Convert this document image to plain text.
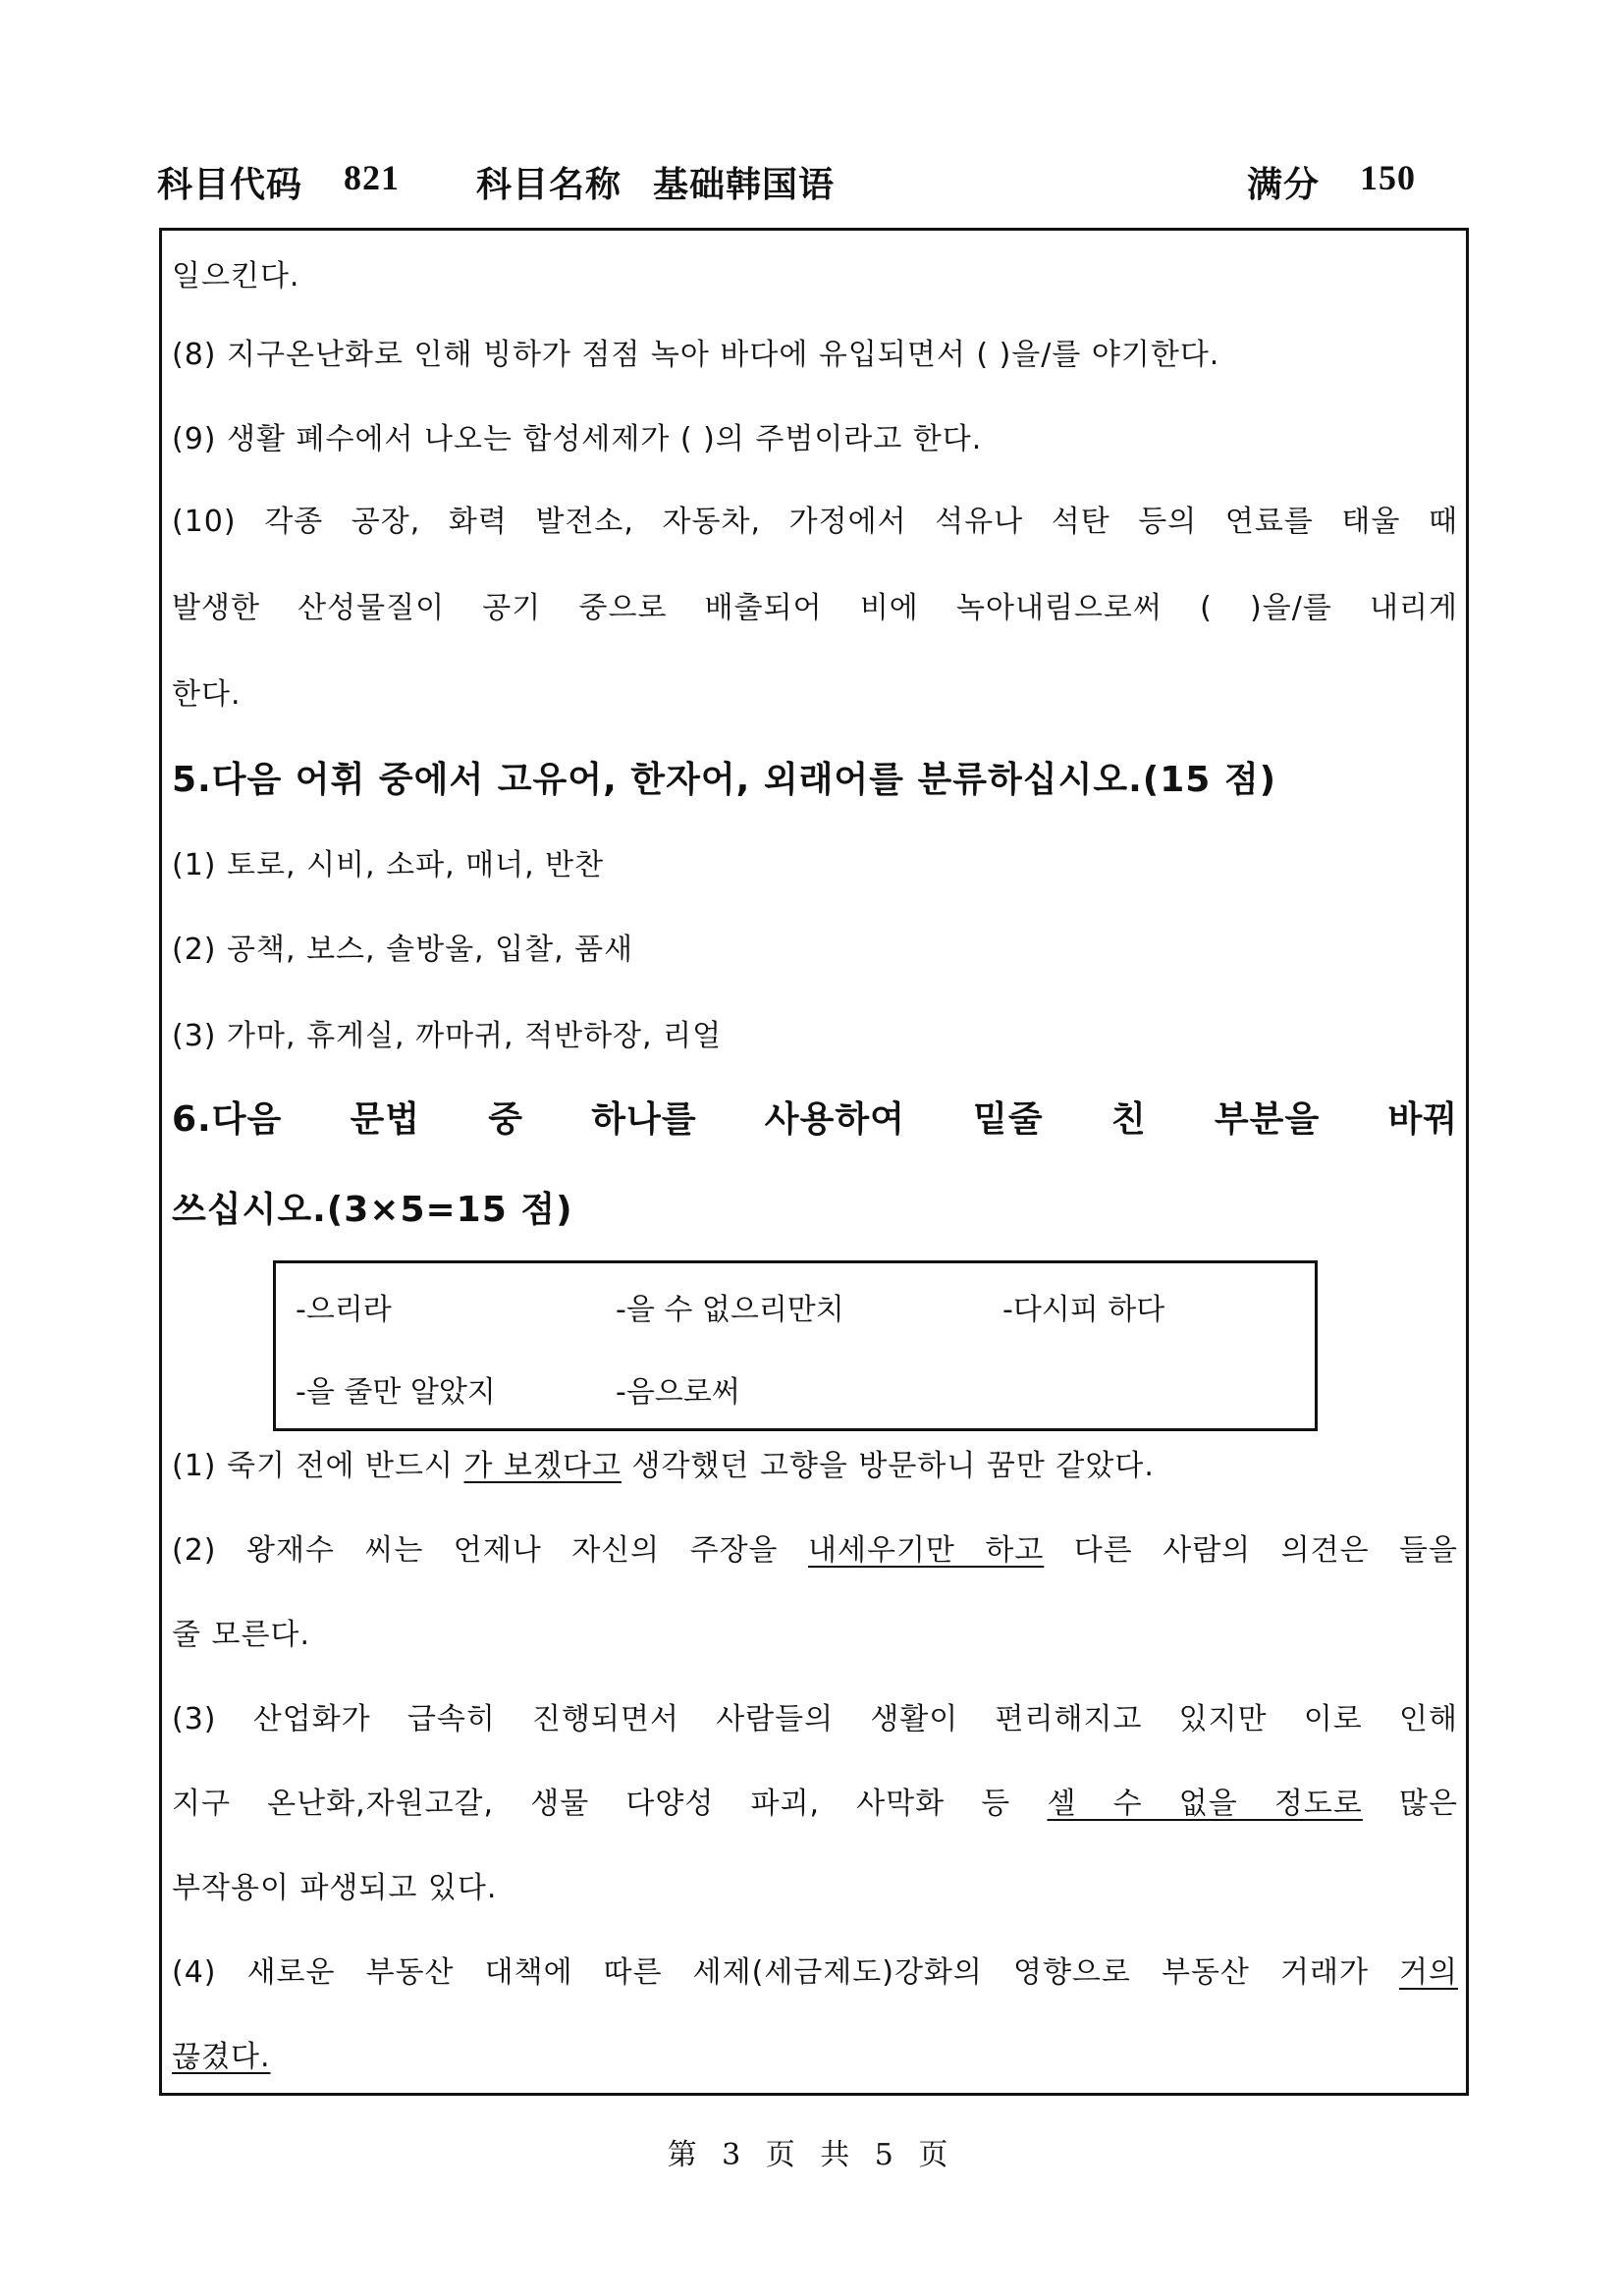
科目代码 821 科目名称 基础韩国语	满分 150
일으킨다.
(8) 지구온난화로 인해 빙하가 점점 녹아 바다에 유입되면서 ( )을/를 야기한다.
(9) 생활 폐수에서 나오는 합성세제가 ( )의 주범이라고 한다.
(10) 각종 공장, 화력 발전소, 자동차, 가정에서 석유나 석탄 등의 연료를 태울 때
발생한 산성물질이 공기 중으로 배출되어 비에 녹아내림으로써 ( )을/를 내리게
한다.
5.다음 어휘 중에서 고유어, 한자어, 외래어를 분류하십시오.(15 점)
(1) 토로, 시비, 소파, 매너, 반찬
(2) 공책, 보스, 솔방울, 입찰, 품새
(3) 가마, 휴게실, 까마귀, 적반하장, 리얼
6.다음 문법 중 하나를 사용하여 밑줄 친 부분을 바꿔
쓰십시오.(3×5=15 점)
-으리라	-을 수 없으리만치	-다시피 하다
-을 줄만 알았지	-음으로써
(1) 죽기 전에 반드시 가 보겠다고 생각했던 고향을 방문하니 꿈만 같았다.
(2) 왕재수 씨는 언제나 자신의 주장을 내세우기만 하고 다른 사람의 의견은 들을
줄 모른다.
(3) 산업화가 급속히 진행되면서 사람들의 생활이 편리해지고 있지만 이로 인해
지구 온난화,자원고갈, 생물 다양성 파괴, 사막화 등 셀 수 없을 정도로 많은
부작용이 파생되고 있다.
(4) 새로운 부동산 대책에 따른 세제(세금제도)강화의 영향으로 부동산 거래가 거의
끊겼다.
第 3 页 共 5 页
